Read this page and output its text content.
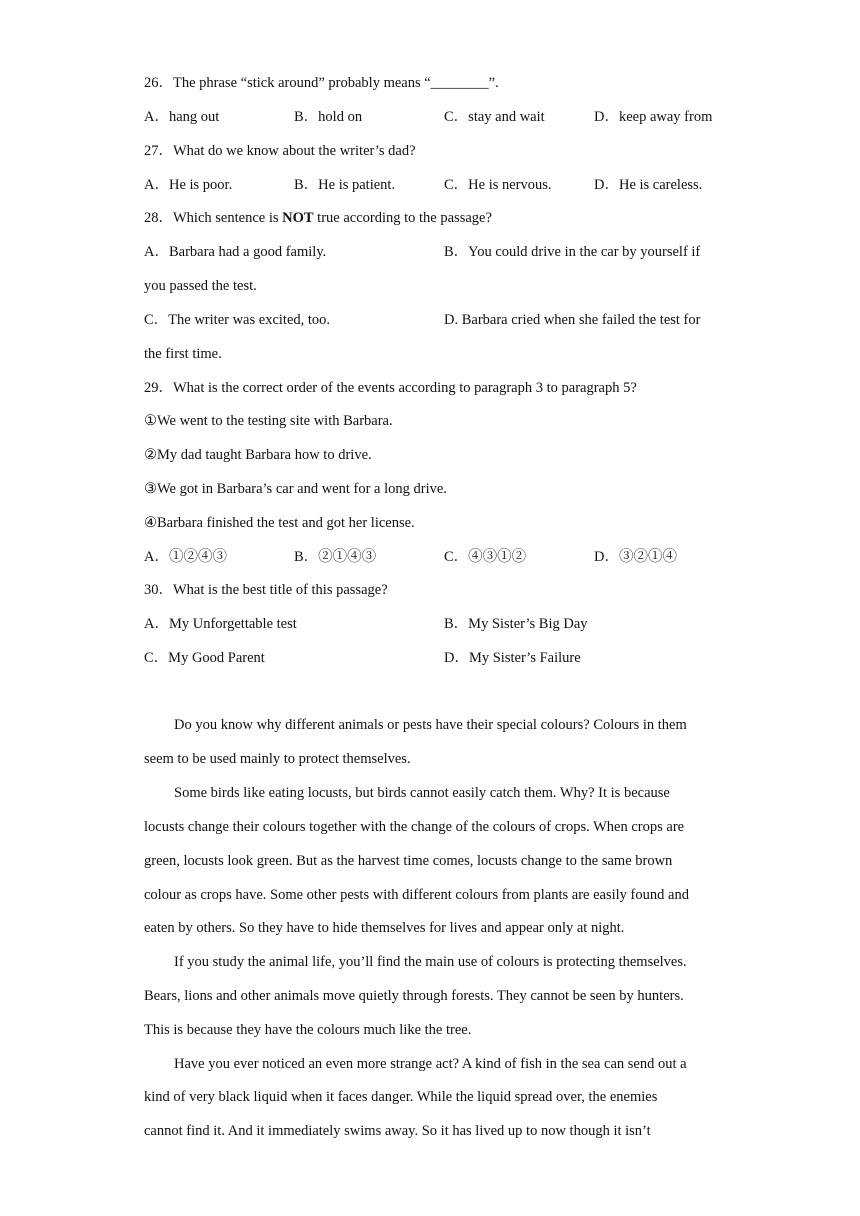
26．The phrase “stick around” probably means “________”.
A．hang out	B．hold on	C．stay and wait	D．keep away from
27．What do we know about the writer’s dad?
A．He is poor.	B．He is patient.	C．He is nervous.	D．He is careless.
28．Which sentence is NOT true according to the passage?
A．Barbara had a good family.	B．You could drive in the car by yourself if
you passed the test.
C．The writer was excited, too.	D. Barbara cried when she failed the test for
the first time.
29．What is the correct order of the events according to paragraph 3 to paragraph 5?
①We went to the testing site with Barbara.
②My dad taught Barbara how to drive.
③We got in Barbara’s car and went for a long drive.
④Barbara finished the test and got her license.
A．①②④③	B．②①④③	C．④③①②	D．③②①④
30．What is the best title of this passage?
A．My Unforgettable test	B．My Sister’s Big Day
C．My Good Parent	D．My Sister’s Failure
Do you know why different animals or pests have their special colours? Colours in them
seem to be used mainly to protect themselves.
Some birds like eating locusts, but birds cannot easily catch them. Why? It is because
locusts change their colours together with the change of the colours of crops. When crops are
green, locusts look green. But as the harvest time comes, locusts change to the same brown
colour as crops have. Some other pests with different colours from plants are easily found and
eaten by others. So they have to hide themselves for lives and appear only at night.
If you study the animal life, you’ll find the main use of colours is protecting themselves.
Bears, lions and other animals move quietly through forests. They cannot be seen by hunters.
This is because they have the colours much like the tree.
Have you ever noticed an even more strange act? A kind of fish in the sea can send out a
kind of very black liquid when it faces danger. While the liquid spread over, the enemies
cannot find it. And it immediately swims away. So it has lived up to now though it isn’t
